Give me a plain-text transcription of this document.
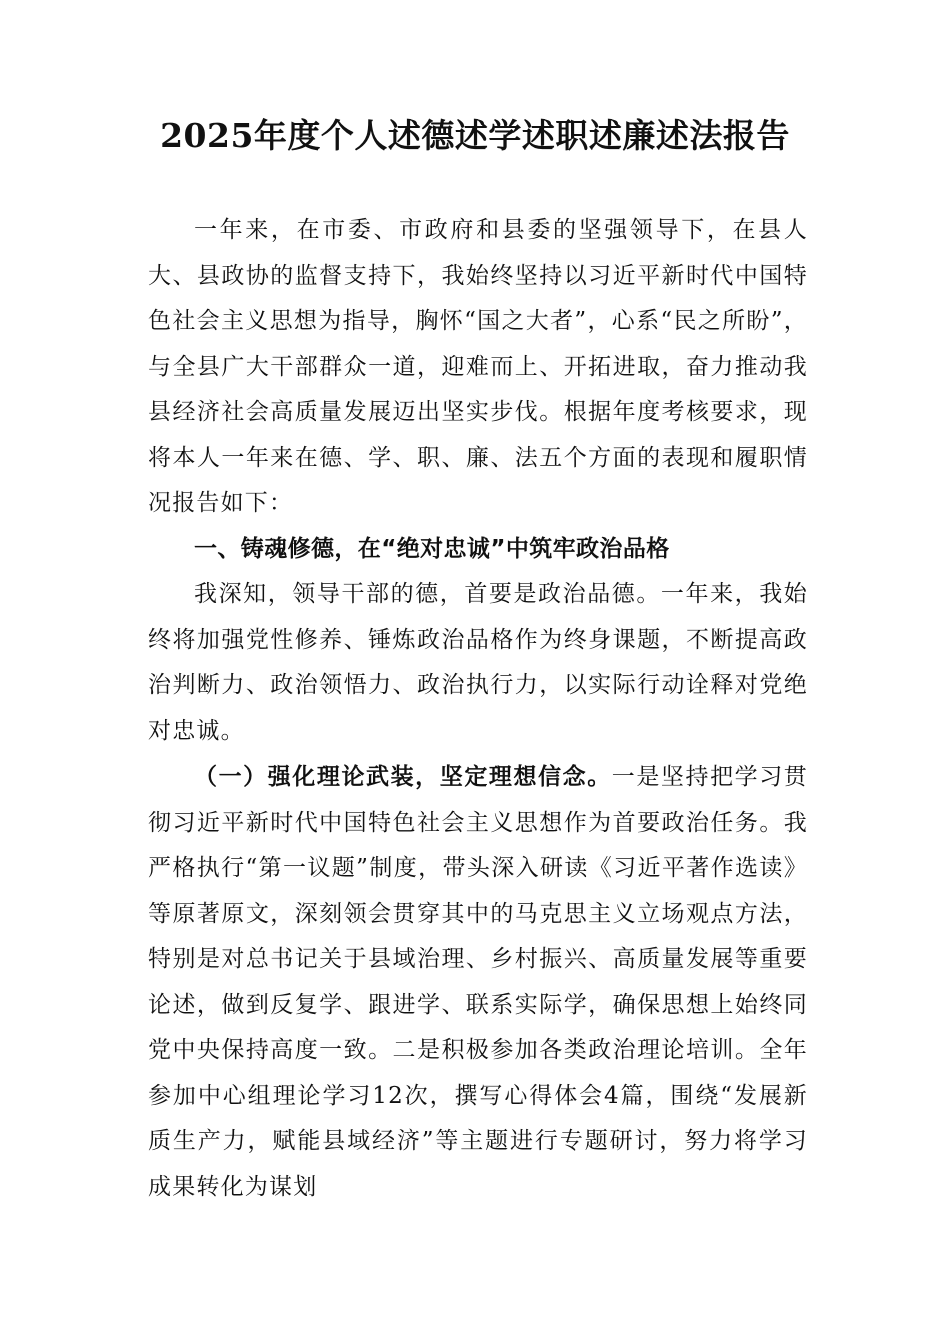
2025年度个人述德述学述职述廉述法报告

一年来，在市委、市政府和县委的坚强领导下，在县人大、县政协的监督支持下，我始终坚持以习近平新时代中国特色社会主义思想为指导，胸怀“国之大者”，心系“民之所盼”，与全县广大干部群众一道，迎难而上、开拓进取，奋力推动我县经济社会高质量发展迈出坚实步伐。根据年度考核要求，现将本人一年来在德、学、职、廉、法五个方面的表现和履职情况报告如下：

一、铸魂修德，在“绝对忠诚”中筑牢政治品格

我深知，领导干部的德，首要是政治品德。一年来，我始终将加强党性修养、锤炼政治品格作为终身课题，不断提高政治判断力、政治领悟力、政治执行力，以实际行动诠释对党绝对忠诚。

（一）强化理论武装，坚定理想信念。一是坚持把学习贯彻习近平新时代中国特色社会主义思想作为首要政治任务。我严格执行“第一议题”制度，带头深入研读《习近平著作选读》等原著原文，深刻领会贯穿其中的马克思主义立场观点方法，特别是对总书记关于县域治理、乡村振兴、高质量发展等重要论述，做到反复学、跟进学、联系实际学，确保思想上始终同党中央保持高度一致。二是积极参加各类政治理论培训。全年参加中心组理论学习12次，撰写心得体会4篇，围绕“发展新质生产力，赋能县域经济”等主题进行专题研讨，努力将学习成果转化为谋划
